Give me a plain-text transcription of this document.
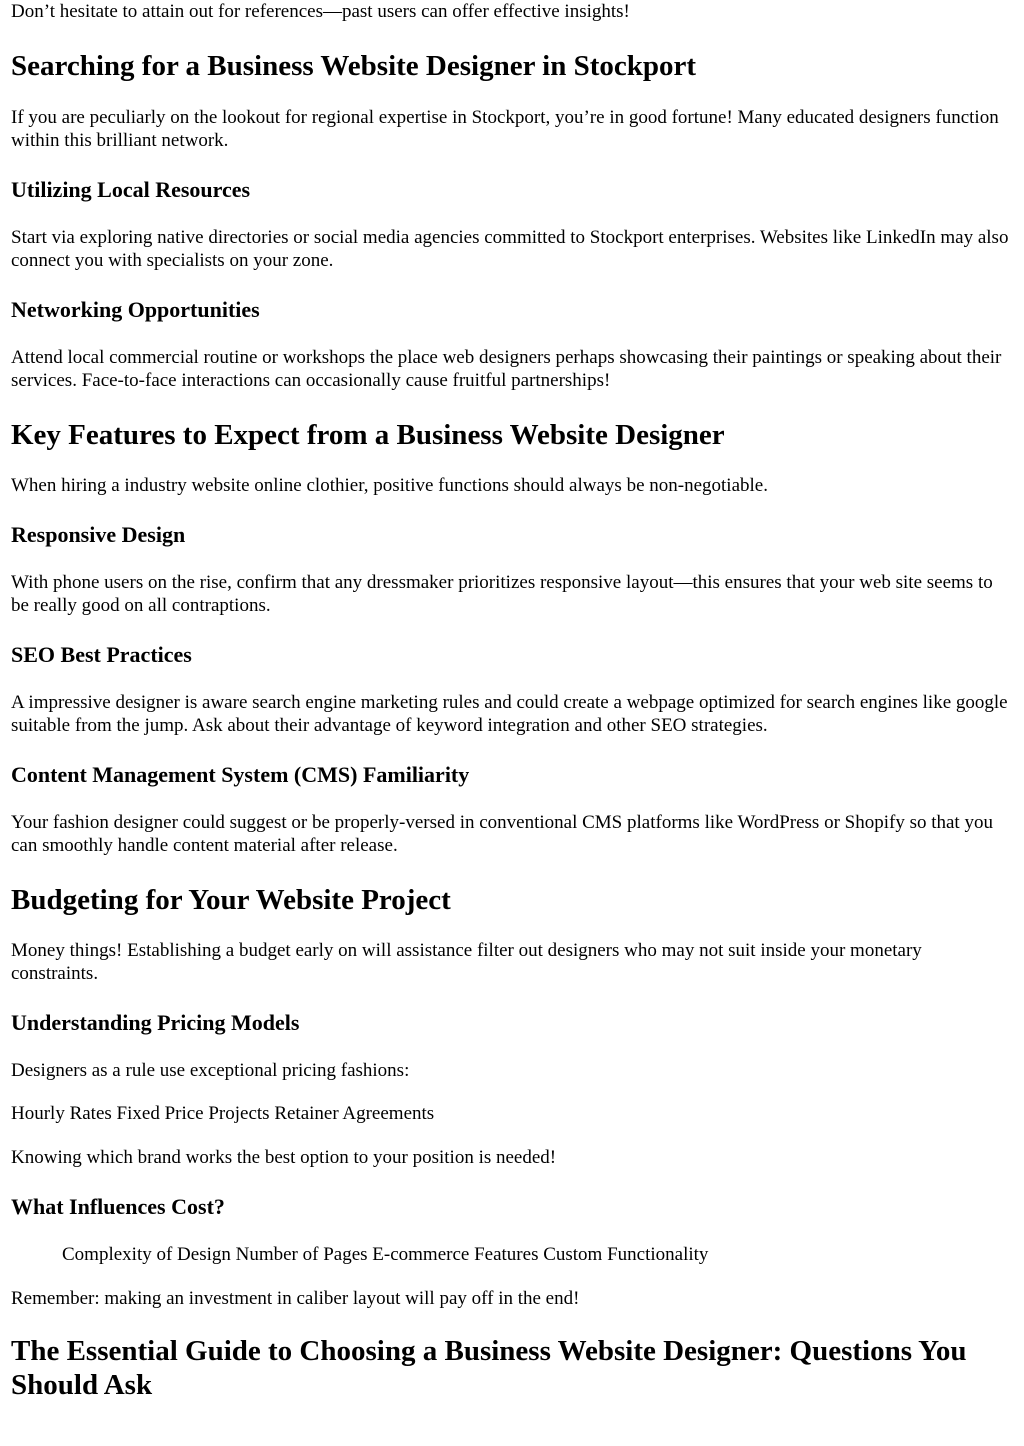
Don’t hesitate to attain out for references—past users can offer effective insights!

Searching for a Business Website Designer in Stockport

If you are peculiarly on the lookout for regional expertise in Stockport, you’re in good fortune! Many educated designers function within this brilliant network.

Utilizing Local Resources

Start via exploring native directories or social media agencies committed to Stockport enterprises. Websites like LinkedIn may also connect you with specialists on your zone.

Networking Opportunities

Attend local commercial routine or workshops the place web designers perhaps showcasing their paintings or speaking about their services. Face-to-face interactions can occasionally cause fruitful partnerships!

Key Features to Expect from a Business Website Designer

When hiring a industry website online clothier, positive functions should always be non-negotiable.

Responsive Design

With phone users on the rise, confirm that any dressmaker prioritizes responsive layout—this ensures that your web site seems to be really good on all contraptions.

SEO Best Practices

A impressive designer is aware search engine marketing rules and could create a webpage optimized for search engines like google suitable from the jump. Ask about their advantage of keyword integration and other SEO strategies.

Content Management System (CMS) Familiarity

Your fashion designer could suggest or be properly-versed in conventional CMS platforms like WordPress or Shopify so that you can smoothly handle content material after release.

Budgeting for Your Website Project

Money things! Establishing a budget early on will assistance filter out designers who may not suit inside your monetary constraints.

Understanding Pricing Models

Designers as a rule use exceptional pricing fashions:

Hourly Rates Fixed Price Projects Retainer Agreements

Knowing which brand works the best option to your position is needed!

What Influences Cost?

Complexity of Design Number of Pages E-commerce Features Custom Functionality

Remember: making an investment in caliber layout will pay off in the end!

The Essential Guide to Choosing a Business Website Designer: Questions You Should Ask
